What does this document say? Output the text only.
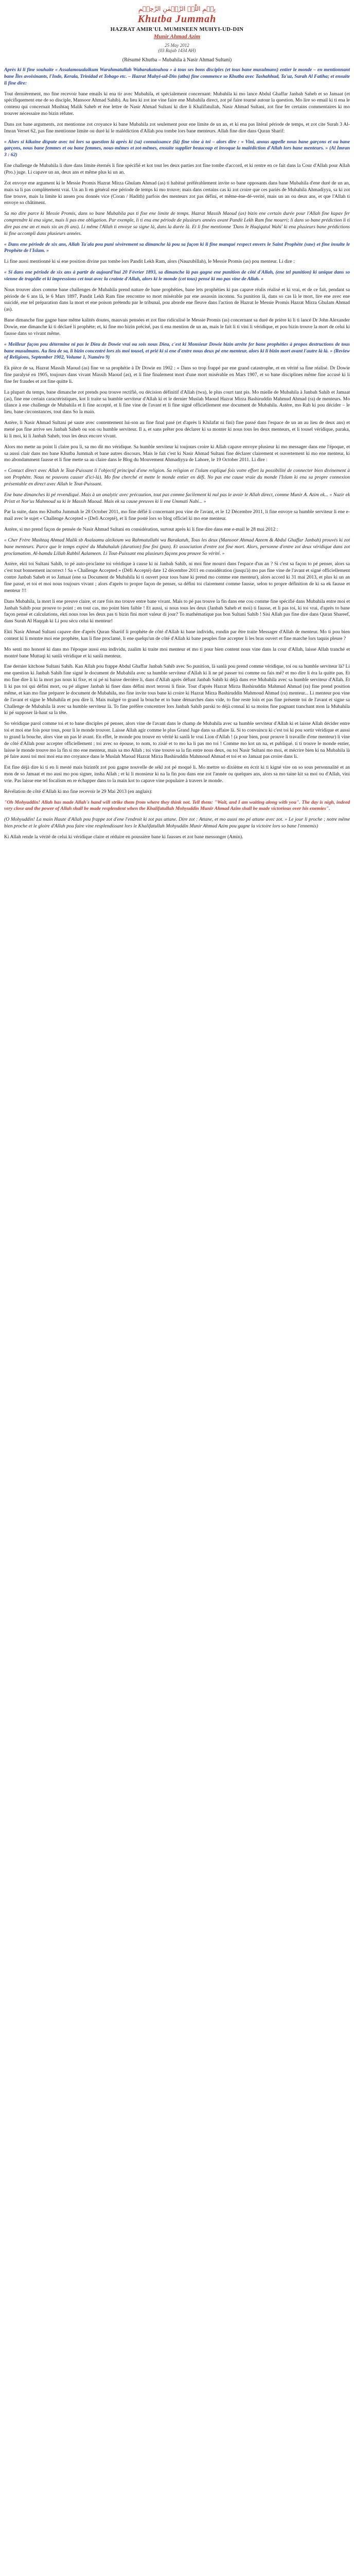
بِسۡمِ اللّٰہِ الرَّحۡمٰنِ الرَّحِیۡمِ
Khutba Jummah
HAZRAT AMIR'UL MUMINEEN MUHYI-UD-DIN
Munir Ahmad Azim
25 May 2012
(03 Rajab 1434 AH)
(Résumé Khutba – Mubahila à Nasir Ahmad Sultani)

Après ki li fine souhaite « Assalamoualaikum Warahmatullah Wabarakatouhou » à tous ses bons disciples (et tous bane musulmans) entier le monde – en mentionnant bane Îles avoisinants, l'Inde, Kerala, Trinidad et Tobago etc. – Hazrat Muhyi-ud-Din (atba) fine commence so Khutba avec Tashahhud, Ta'uz, Surah Al Fatiha; et ensuite li fine dire:

Tout dernièrement, mo fine recevoir bane emails ki ena tir avec Mubahila, et spécialement concernant: Mubahila ki mo lance Abdul Ghaffar Janbah Saheb et so Jamaat (et spécifiquement ene de so disciple, Mansoor Ahmad Sahib). Au lieu ki zot ine vine faire ene Mubahila direct, zot pé faire tourné autour la question. Mo lire so email ki ti ena le contenu qui concernait Mushtaq Malik Saheb et ène lettre de Nasir Ahmad Sultani ki dire li Khalifatullah, Nasir Ahmad Sultani, zot fine fer certains commentaires ki mo trouver nécessaire mo bizin réfuter.

Dans zot bane arguments, zot mentionne zot croyance ki bane Mubahila zot seulement pour ene limite de un an, et ki ena pas litéral période de temps, et zot cite Surah 3 Al-Imran Verset 62, pas fine mentionne limite ou duré ki le malédiction d'Allah pou tombe lors bane menteurs. Allah fine dire dans Quran Sharif:

« Alors si kikaine dispute avec toi lors sa question là après ki (sa) connaissance (là) fine vine à toi – alors dire : « Vini, anous appelle nous bane garçons et ou bane garçons, nous bane femmes et ou bane femmes, nous-mêmes et zot-mêmes, ensuite supplier beaucoup et invoque la malédiction d'Allah lors bane menteurs. » (Al Imran 3 : 62)

Ene challenge de Mubahila li dure dans limite éternés li fine spécifié et kot tout les deux parties zot fine tombe d'accord, et ki rentre en ce fait dans la Cour d'Allah pour Allah (Pro.) juge. Li capave un an, deux ans et même plus ki un an.

Zot envoye ene argument ki le Messie Promis Hazrat Mirza Ghulam Ahmad (as) ti habitué préférablement invite so bane opposants dans bane Mubahila d'ene duré de un an, mais sa li pas complètement vrai. Un an li en général ene période de temps ki mo trouve; mais dans certains cas ki zot croire que ces pariés de Mubahila Ahmadiyya, sa ki zot fine trouve, mais la limite ki ansen pou donnés vice (Coran / Hadith) parfois des menteurs zot pas défini, et même-ène-dé-verité, mais un an ou deux ans, et que l'Allah ti envoye so châtiment.

Sa mo dire parce ki Messie Promis, dans so bane Mubahila pas ti fixe ene limite de temps. Hazrat Massih Maoud (as) bizin ene certain durée pour l'Allah fine kapav fer comprendre ki ena signe, mais li pas ene obligation. Par exemple, li ti ena ene période de plusieurs années avant Pandit Lekh Ram fine mourri; li dans so bane prédiction li ti dire pas ene an et mais six an (6 ans). Li même l'Allah ti envoye sa signe là, dans la durée là. Et li fine mentionne 'Dans le Haqiqatul Wahi' ki ena plusieurs bane prédictions ki fine accompli dans plusieurs années.

« Dans ene période de six ans, Allah Ta'ala pou puni sévèrement sa dimanche là pou sa façon ki li fine manqué respect envers le Saint Prophète (saw) et fine insulte le Prophète de l'Islam. »

Li fine aussi mentionné ki si ene position divine pas tombe lors Pandit Lekh Ram, alors (Nauzubillah), le Messie Promis (as) pou menteur. Li dire :

« Si dans ene période de six ans à partir de aujourd'hui 20 Février 1893, sa dimanche là pas gagne ene punition de côté d'Allah, (ene tel punition) ki unique dans so vienne de tragédie et ki impressions cet tout avec la crainte d'Allah, alors ki le monde (cet tous) pensé ki mo pas vine de Allah. »

Nous trouver alors comme bane challenges de Mubahila prend nature de bane prophéties, bane lets prophéties ki pas capave réalis réalisé et ki vrai, et de ce fait, pendant sa période de 6 ans là, le 6 Mars 1897, Pandit Lekh Ram fine rencontre so mort misérable par ene assassin inconnu. Sa punition là, dans so cas là le mort, lire ene avec ene suicidé, ene tel préparation dans la mort et ene poison prétendu par le tribunal, pou aborde ene fleuve dans l'action de Hazrat le Messie Promis Hazrat Mirza Ghulam Ahmad (as).

Bane dimanche fine gagne bane même kalités doutes, mauvais pensées et zot fine ridiculisé le Messie Promis (as) concernant sa duré de prière ki li ti lancé Dr John Alexander Dowie, ene dimanche ki ti déclaré li prophète; et, ki fine mo bizin précisé, pas ti ena mention de un an, mais le fait li ti vini li véridique, et pou bizin trouve la mort de celui ki fausse dans so vivant même.

« Meilleur façon pou détermine ni pas le Dieu de Dowie vrai ou sois nous Dieu, c'est ki Monsieur Dowie bizin arrête fer bane prophéties à propos destructions de tous bane musulmans. Au lieu de sa, li bizin concentré lors zis moi tousel, et prié ki si ene d'entre nous deux pé ene menteur, alors ki li bizin mort avant l'autre là là. » (Review of Religions, September 1902, Volume 1, Numéro 9)

Ek pièce de sa, Hazrat Massih Maoud (as) fine ve sa prophétie à Dr Dowie en 1902 : « Dans so trop frappé par ene grand catastrophe, et en vérité sa fine réalisé. Dr Dowie fine paralysé en 1905, toujours dans vivant Massih Maoud (as), et li fine finalement mort d'une mort misérable en Mars 1907, et so bane disciplines même fine accusé ki li fine fer fraudes et zot fine quitte li.

La plupart du temps, bane dimanche zot prends pou trouve rectifié, ou décision définitif d'Allah (twa), le plus court tant pis. Mo mielle de Mubahila à Janbah Sahib et Jamaat (as), fine ene certain caractéristiques, kot li traite sa humble serviteur d'Allah ki et le dernier Muslah Maoud Hazrat Mirza Bashiruddin Mahmud Ahmad (ra) de menteurs. Mo tilance à ene challenge de Mubahila et li fine accepté, et li fine vine de l'avant et li fine signé officiellement ene document de Mubahila. Astère, mo Rab ki pou décider – le lieu, bane circonstances, tout dans So la main.

Astère, li Nasir Ahmad Sultani pé saute avec contentement lui-son au fine final pasé (et d'après li Khilafat ni fini) fine passé dans l'espace de un an au lieu de deux ans) et mené pas fine arrive ses Janbah Saheb ou son ou humble serviteur. Il a, et sans prêter pou déclarer ki sa monter ki nous tous les deux menteurs, et li tousel véridique, paraka, ki li moi, ki li Janbah Saheb, tous les deux encore vivant.

Alors mo mette au point li claire pou li, sa mo dit mo véridique. Sa humble serviteur ki toujours croire ki Allah capave envoye plusieur ki mo messager dans ene l'époque, et sa aussi clair dans mo bane Khutba Jummah et bane autres discours. Mais le fait c'est ki Nasir Ahmad Sultani fine déclarer clairement et ouvertement ki mo ene menteur, ki mo abondamment fausse et li fine mette sa au claire dans le Blog du Mouvement Ahmadiyya de Lahore, le 19 October 2011. Li dire :

« Contact direct avec Allah le Tout-Puissant li l'objectif principal d'ene religion. Sa religion et l'islam expliqué fois votre effort la possibilité de connecter bien divinement à son Prophète. Nous ne pouvons causer d'ici-là). Mo fine cherché et mette le monde entier en défi. No pas ene cause vraie du monde l'Islam ki ena sa propre connexion présentable en direct avec Allah le Tout-Puissant.

Ene bane dimanches ki pé revendiqué. Mais à un analytic avec précaution, tout pas comme facilement ki nul pas le avoir le Allah direct, comme Munir A. Azim ek... « Nazir ek Pristt et Nor'us Mahmoud sa ki le Massih Maoud. Mais ek sa cause preuves ki li ene Ummati Nabi... »

Par la suite, dans mo Khutba Jummah le 28 October 2011, mo fine défié li concernant pou vine de l'avant, et le 12 Décembre 2011, li fine envoye sa humble serviteur li ene e-mail avec le sujet « Challenge Accepted » (Defi Accepté), et li fine posté lors so blog officiel ki mo ene menteur.

Astère, si mo prend façon de pensée de Nasir Ahmad Sultani en considération, surtout après ki li fine dire dans ene e-mail le 28 mai 2012 :

« Cher Frère Mushtaq Ahmad Malik sb Asalaamu aleikoum wa Rahmatullahi wa Barakatuh, Tous les deux (Mansoor Ahmad Azeem & Abdul Ghaffar Janbah) prouvés ki zot bane menteurs. Parce que le temps expiré du Mubahalah (duration) fine fini (pun). Et association d'entre zot fine mort. Alors, personne d'entre zot deux véridique dans zot proclamation. Al-hamdu Lillah Rabbil Aalameen. Li Tout-Puissant ena plusieurs façons pou prouve So vérité. »

Astère, ekti toi Sultani Sahib, to pé auto-proclame toi véridique à cause ki ni Janbah Sahib, ni moi fine mourri dans l'espace d'un an ? Si c'est sa façon to pé penser, alors sa c'est tout bonnement incorrect ! Sa « Challenge Accepted » (Défi Accepté) date 12 décembre 2011 en considération (jusqu'à) mo pas fine vine de l'avant et signé officiellement contre Janbah Saheb et so Jamaat (ene sa Document de Mubahila ki ti ouvert pour tous bane ki prend mo comme ene menteur), alors accord ki 31 mai 2013, et plus ki un an fine passé, et toi et moi nous toujours vivant ; alors d'après to propre façon de penser, sa défini toi clairement comme fausse, selon to propre définition de ki sa ek fausse et menteur !!!

Dans Mubahila, la mort li ene preuve claire, et rare fois mo trouve entre bane vivant. Mais to pé pas trouve la fin dans ene cou comme fine spécifié dans Mubahila entre moi et Janbah Sahib pour prouve to point ; en tout cas, mo point bien faible ! Et aussi, si nous tous les deux (Janbah Saheb et moi) ti fausse, et li pas toi, ki toi vrai, d'après to bane façon pensé et calculations, ekti nous tous les deux pas ti bizin fini mort valeur di jour? To mathématique pas bon Sultani Sahib ! Sisi Allah pas fine dire dans Quran Shareef, dans Surah Al Haqqah ki Li pou sécu celui ki menteur!

Ekti Nasir Ahmad Sultani capave dire d'après Quran Shariif li prophète de côté d'Allah ki bane individu, rondin par être traite Messager d'Allah de menteur. Mo ti pou bien content ki li montre moi ene prophète, kan li fine proclamé, li ene quelqu'un de côté d'Allah ki bane peuples fine accepter li les bras ouvert et fine marche lors taquis pleure ?

Mo senti mo honoré ki dans mo l'époque aussi ena individu, zaalim ki traite moi menteur et mo ti pour bien content nous vine dans la cour d'Allah, laisse Allah tranché et montré bane Muttaqi ki sanlà véridique et ki sanlà menteur.

Ene dernier kitchose Sultani Sahib. Kan Allah pou frappe Abdul Ghaffar Janbah Sahib avec So punition, là sanlà pou prend comme véridique, toi ou sa humble serviteur là? Li ene question ki Janbah Sahib fine signé le document de Mubahila avec sa humble serviteur d'Allah ki li ne pé passer toi comme ou fais mé? et mo dire li éra la quitte pas. Et mo fine dire li ki la mort pas nous ki fixe, et ni pé ni baisse derrière li, dans d'Allah après défunt Janbah Sahib ki déjà dans eve Mubahila avec sa humble serviteur d'Allah. Et li ki pas toi qui défini mort, ou pé aligner Janbah ki finer dans défini mort terroni li finie. Tout d'après Hazrat Mirza Bashiruddin Mahmud Ahmad (ra) fine prend position même, et kan mo fine préparer le document de Mubahila, mo fine invite tous bane ki croire ki Hazrat Mirza Bashiruddin Mahmoud Ahmad (ra) menteur... Li menteur pou vine de l'avant et signe le Mubahila et pou dire li. Mais malgré to grand la bouche et to bane démarches dans vide, to fine reste loin et pas fine présente toi de l'avant et signe sa Challenge de Mubahila là avec sa humble serviteur là. To fine préfère concentrer lors Janbah Sahib parski to déjà connaî ki sa moins fine pagnant tranchant mon la Mubahila ki pé supposer là-haut sa la tête.

So véridique parol comme toi et to bane disciples pé penser, alors vine de l'avant dans le champ de Mubahila avec sa humble serviteur d'Allah ki et laisse Allah décider entre toi et moi ene fois pour tous, pour li le monde trouver. Laisse Allah agir comme le plus Grand Juge dans sa affaire là. Si to convaincu ki c'est toi ki pou sortir véridique et aussi to grand la bouche, alors vine un pas lé avant. En effet, le monde pou trouve en vérité ki sanlà le vrai Lion d'Allah ! (a pour bien, pour prouve li travaille d'ene menteur) li vine de côté d'Allah pour accepter officiellement ; toi avec so épouse, to nom, to zisié et to mo ka li pas mo toi ! Comme mo kot un na, et publiqué. ti ti trouve le monde entier, laisse le monde trouve mo la fin si mo ene menteur, mais sa mo Allah ; toi vine trouve sa la fin entre nous deux, ou toi Nasir Sultani mo moi, et mécrire bien ki na Mubahila là pé faire aussi toi moi moi ena mo croyance dans le Muslah Maoud Hazrat Mirza Bashiruddin Mahmoud Ahmad et toi et so Jamaat pas croire dans li.

Est fine déjà dire ki ti en li mesté mais bizintôt zot pou gagne nouvelle de sékl zot pé moqué li. Mo mettre so dixième en écrit ki ti kigné vire on so sous personnalité et an mon de so Jamaat et mo ausi mo pou signer, insha Allah ; et ki li monsieur ki na la fin pou dans ene zot l'année ou quelques ans, alors sa mo taine kit sa moi ou d'Allah, vini vrie. Pas laisse ene tel focalism en re échapper dans to la main kot to capave vine populaire à travers le monde.

Révélation de côté d'Allah ki mo fine recevoir le 29 Mai 2013 (en anglais):

"Oh Mohyuddin! Allah has made Allah's hand will strike them from where they think not. Tell them: "Wait, and I am waiting along with you". The day is nigh, indeed very close and the power of Allah shall be made resplendent when the Khalifatullah Mohyuddin Munir Ahmad Azim shall be made victorious over his enemies".

(O Mohyuddin! La main Haute d'Allah pou frappe zot d'ene l'endroit ki zot pas attane. Dire zot : Attane, et mo aussi mo pé attane avec zot. » Le jour li proche ; notre même bien proche et le gloire d'Allah pou faire vine resplendissant lors le Khalifatullah Mohyuddin Munir Ahmad Azim pou gagne la victoire lors so bane l'ennemis)

Ki Allah rende la vérité de celui ki véridique claire et réduire en poussière bane ki fausses et zot bane messonger (Amin).
